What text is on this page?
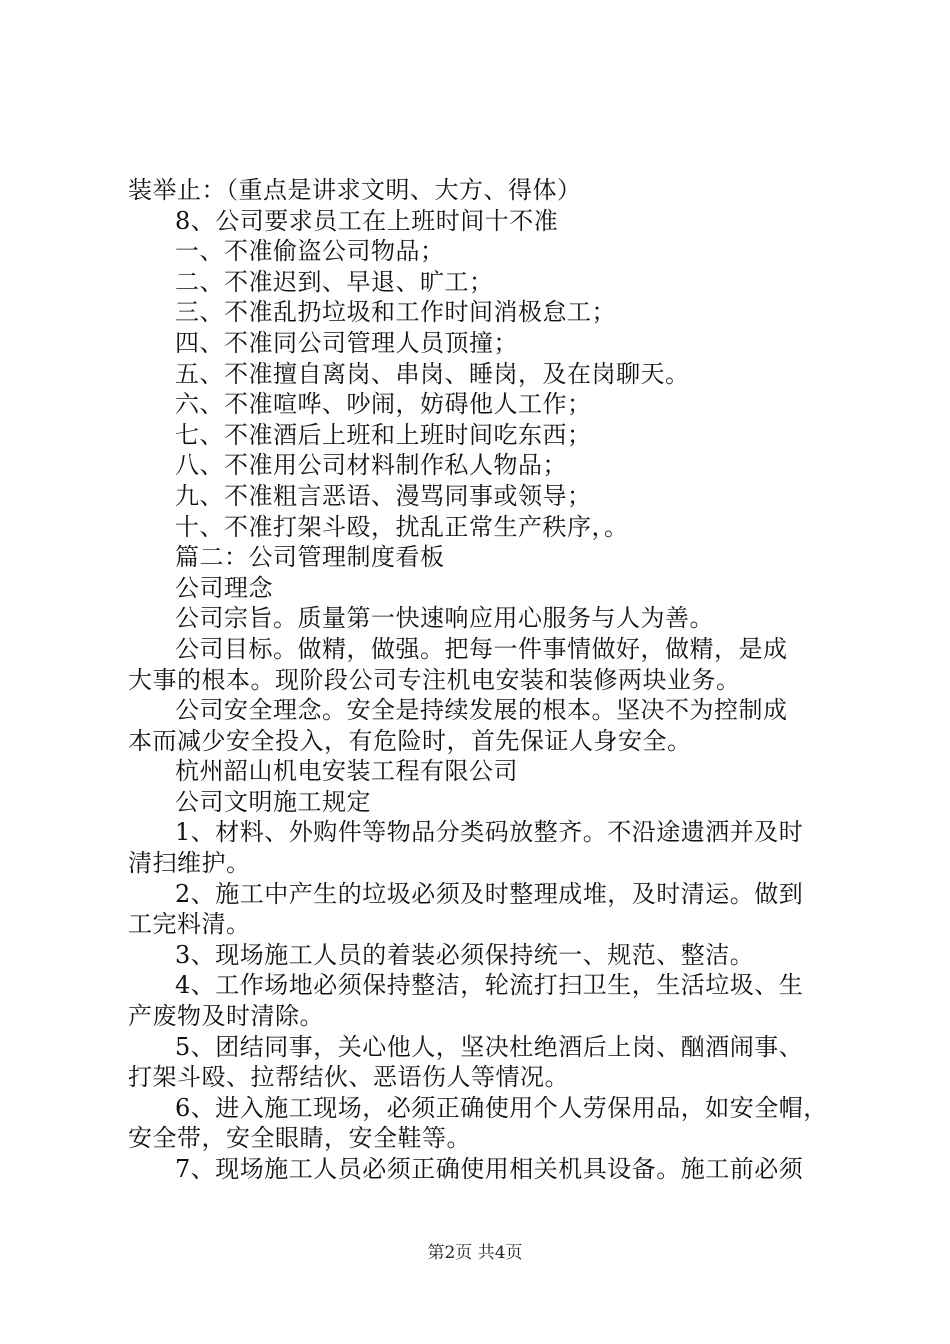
装举止：（重点是讲求文明、大方、得体）
8、公司要求员工在上班时间十不准
一、不准偷盗公司物品；
二、不准迟到、早退、旷工；
三、不准乱扔垃圾和工作时间消极怠工；
四、不准同公司管理人员顶撞；
五、不准擅自离岗、串岗、睡岗，及在岗聊天。
六、不准喧哗、吵闹，妨碍他人工作；
七、不准酒后上班和上班时间吃东西；
八、不准用公司材料制作私人物品；
九、不准粗言恶语、漫骂同事或领导；
十、不准打架斗殴，扰乱正常生产秩序，。
篇二：公司管理制度看板
公司理念
公司宗旨。质量第一快速响应用心服务与人为善。
公司目标。做精，做强。把每一件事情做好，做精，是成
大事的根本。现阶段公司专注机电安装和装修两块业务。
公司安全理念。安全是持续发展的根本。坚决不为控制成
本而减少安全投入，有危险时，首先保证人身安全。
杭州韶山机电安装工程有限公司
公司文明施工规定
1、材料、外购件等物品分类码放整齐。不沿途遗洒并及时
清扫维护。
2、施工中产生的垃圾必须及时整理成堆，及时清运。做到
工完料清。
3、现场施工人员的着装必须保持统一、规范、整洁。
4、工作场地必须保持整洁，轮流打扫卫生，生活垃圾、生
产废物及时清除。
5、团结同事，关心他人，坚决杜绝酒后上岗、酗酒闹事、
打架斗殴、拉帮结伙、恶语伤人等情况。
6、进入施工现场，必须正确使用个人劳保用品，如安全帽，
安全带，安全眼睛，安全鞋等。
7、现场施工人员必须正确使用相关机具设备。施工前必须
第2页 共4页
